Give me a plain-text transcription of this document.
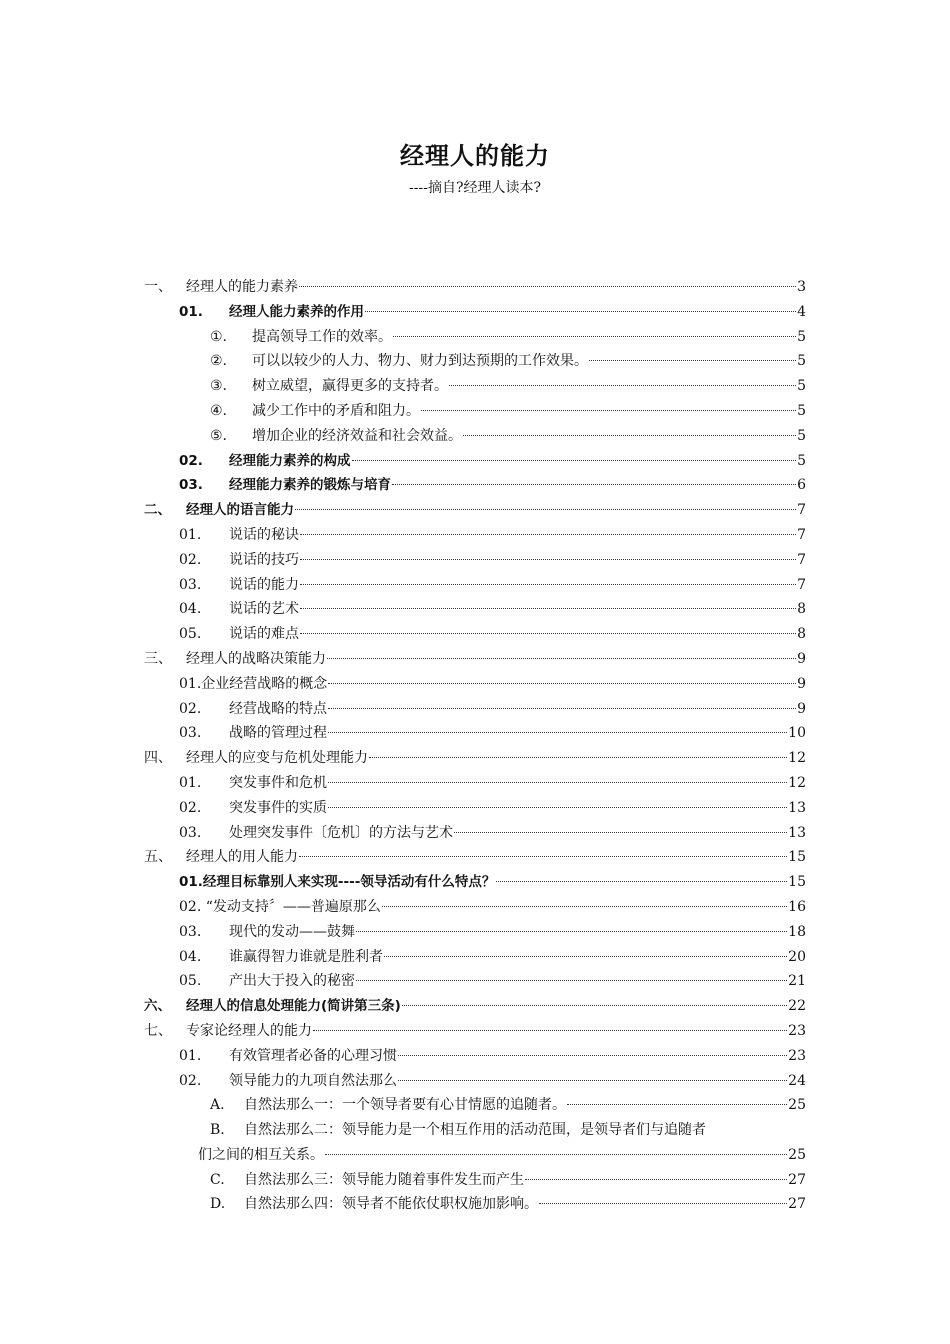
经理人的能力
----摘自?经理人读本?
一、	经理人的能力素养	3
01.	经理人能力素养的作用	4
①.	提高领导工作的效率。	5
②.	可以以较少的人力、物力、财力到达预期的工作效果。	5
③.	树立威望，赢得更多的支持者。	5
④.	减少工作中的矛盾和阻力。	5
⑤.	增加企业的经济效益和社会效益。	5
02.	经理能力素养的构成	5
03.	经理能力素养的锻炼与培育	6
二、	经理人的语言能力	7
01.	说话的秘诀	7
02.	说话的技巧	7
03.	说话的能力	7
04.	说话的艺术	8
05.	说话的难点	8
三、	经理人的战略决策能力	9
01.企业经营战略的概念	9
02.	经营战略的特点	9
03.	战略的管理过程	10
四、	经理人的应变与危机处理能力	12
01.	突发事件和危机	12
02.	突发事件的实质	13
03.	处理突发事件〔危机〕的方法与艺术	13
五、	经理人的用人能力	15
01.经理目标靠别人来实现----领导活动有什么特点？	15
02. “发动支持〞——普遍原那么	16
03.	现代的发动——鼓舞	18
04.	谁赢得智力谁就是胜利者	20
05.	产出大于投入的秘密	21
六、	经理人的信息处理能力(简讲第三条)	22
七、	专家论经理人的能力	23
01.	有效管理者必备的心理习惯	23
02.	领导能力的九项自然法那么	24
A.	自然法那么一：一个领导者要有心甘情愿的追随者。	25
B.	自然法那么二：领导能力是一个相互作用的活动范围，是领导者们与追随者
们之间的相互关系。	25
C.	自然法那么三：领导能力随着事件发生而产生	27
D.	自然法那么四：领导者不能依仗职权施加影响。	27
